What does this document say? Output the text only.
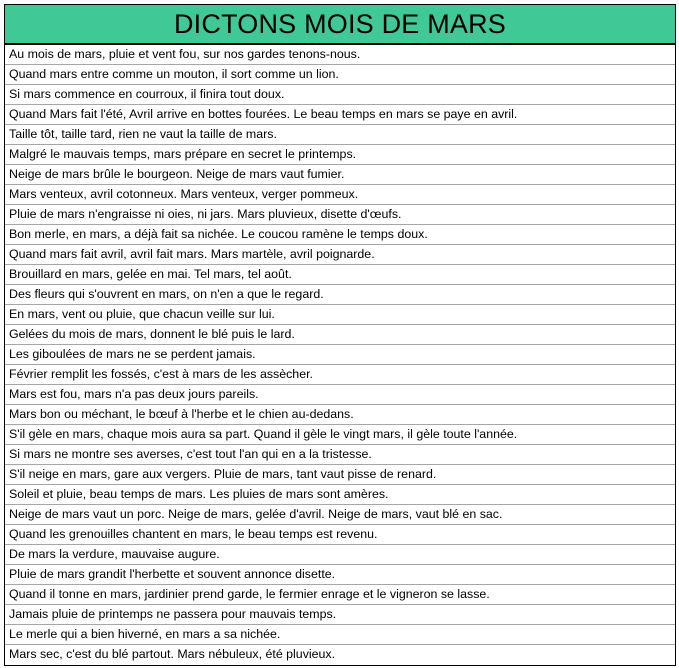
DICTONS MOIS DE MARS
Au mois de mars, pluie et vent fou, sur nos gardes tenons-nous.
Quand mars entre comme un mouton, il sort comme un lion.
Si mars commence en courroux, il finira tout doux.
Quand Mars fait l'été, Avril arrive en bottes fourées. Le beau temps en mars se paye en avril.
Taille tôt, taille tard, rien ne vaut la taille de mars.
Malgré le mauvais temps, mars prépare en secret le printemps.
Neige de mars brûle le bourgeon. Neige de mars vaut fumier.
Mars venteux, avril cotonneux. Mars venteux, verger pommeux.
Pluie de mars n'engraisse ni oies, ni jars. Mars pluvieux, disette d'œufs.
Bon merle, en mars, a déjà fait sa nichée. Le coucou ramène le temps doux.
Quand mars fait avril, avril fait mars. Mars martèle, avril poignarde.
Brouillard en mars, gelée en mai. Tel mars, tel août.
Des fleurs qui s'ouvrent en mars, on n'en a que le regard.
En mars, vent ou pluie, que chacun veille sur lui.
Gelées du mois de mars, donnent le blé puis le lard.
Les giboulées de mars ne se perdent jamais.
Février remplit les fossés, c'est à mars de les assècher.
Mars est fou, mars n'a pas deux jours pareils.
Mars bon ou méchant, le bœuf à l'herbe et le chien au-dedans.
S'il gèle en mars, chaque mois aura sa part. Quand il gèle le vingt mars, il gèle toute l'année.
Si mars ne montre ses averses, c'est tout l'an qui en a la tristesse.
S'il neige en mars, gare aux vergers. Pluie de mars, tant vaut pisse de renard.
Soleil et pluie, beau temps de mars. Les pluies de mars sont amères.
Neige de mars vaut un porc. Neige de mars, gelée d'avril. Neige de mars, vaut blé en sac.
Quand les grenouilles chantent en mars, le beau temps est revenu.
De mars la verdure, mauvaise augure.
Pluie de mars grandit l'herbette et souvent annonce disette.
Quand il tonne en mars, jardinier prend garde, le fermier enrage et le vigneron se lasse.
Jamais pluie de printemps ne passera pour mauvais temps.
Le merle qui a bien hiverné, en mars a sa nichée.
Mars sec, c'est du blé partout. Mars nébuleux, été pluvieux.
